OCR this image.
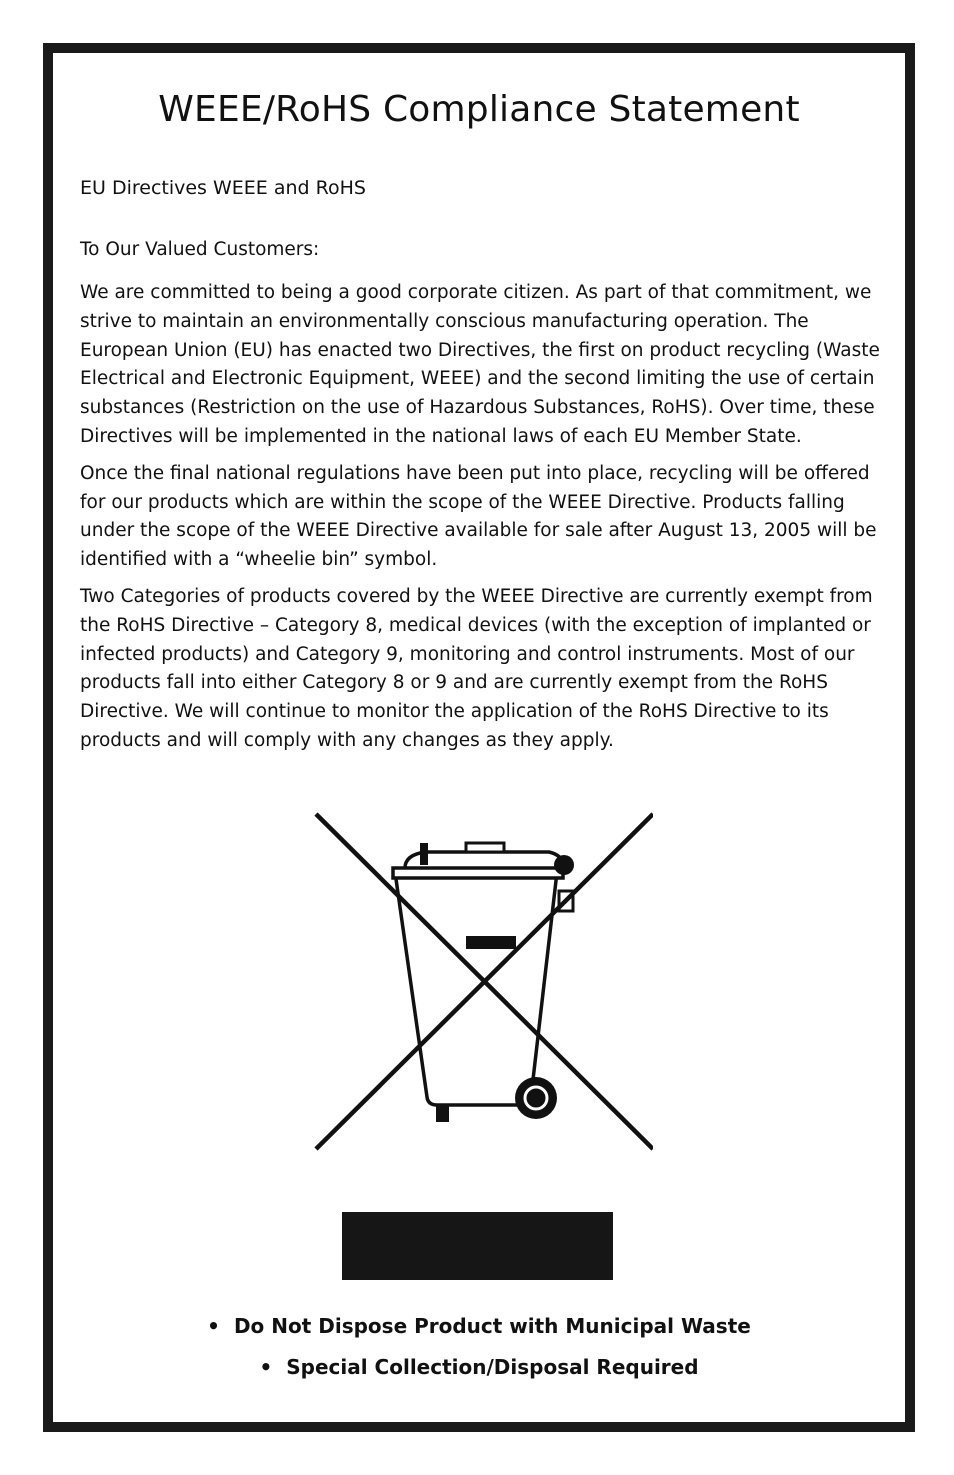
WEEE/RoHS Compliance Statement

EU Directives WEEE and RoHS

To Our Valued Customers:

We are committed to being a good corporate citizen. As part of that commitment, we strive to maintain an environmentally conscious manufacturing operation. The European Union (EU) has enacted two Directives, the first on product recycling (Waste Electrical and Electronic Equipment, WEEE) and the second limiting the use of certain substances (Restriction on the use of Hazardous Substances, RoHS). Over time, these Directives will be implemented in the national laws of each EU Member State.

Once the final national regulations have been put into place, recycling will be offered for our products which are within the scope of the WEEE Directive. Products falling under the scope of the WEEE Directive available for sale after August 13, 2005 will be identified with a “wheelie bin” symbol.

Two Categories of products covered by the WEEE Directive are currently exempt from the RoHS Directive – Category 8, medical devices (with the exception of implanted or infected products) and Category 9, monitoring and control instruments. Most of our products fall into either Category 8 or 9 and are currently exempt from the RoHS Directive. We will continue to monitor the application of the RoHS Directive to its products and will comply with any changes as they apply.

• Do Not Dispose Product with Municipal Waste
• Special Collection/Disposal Required
